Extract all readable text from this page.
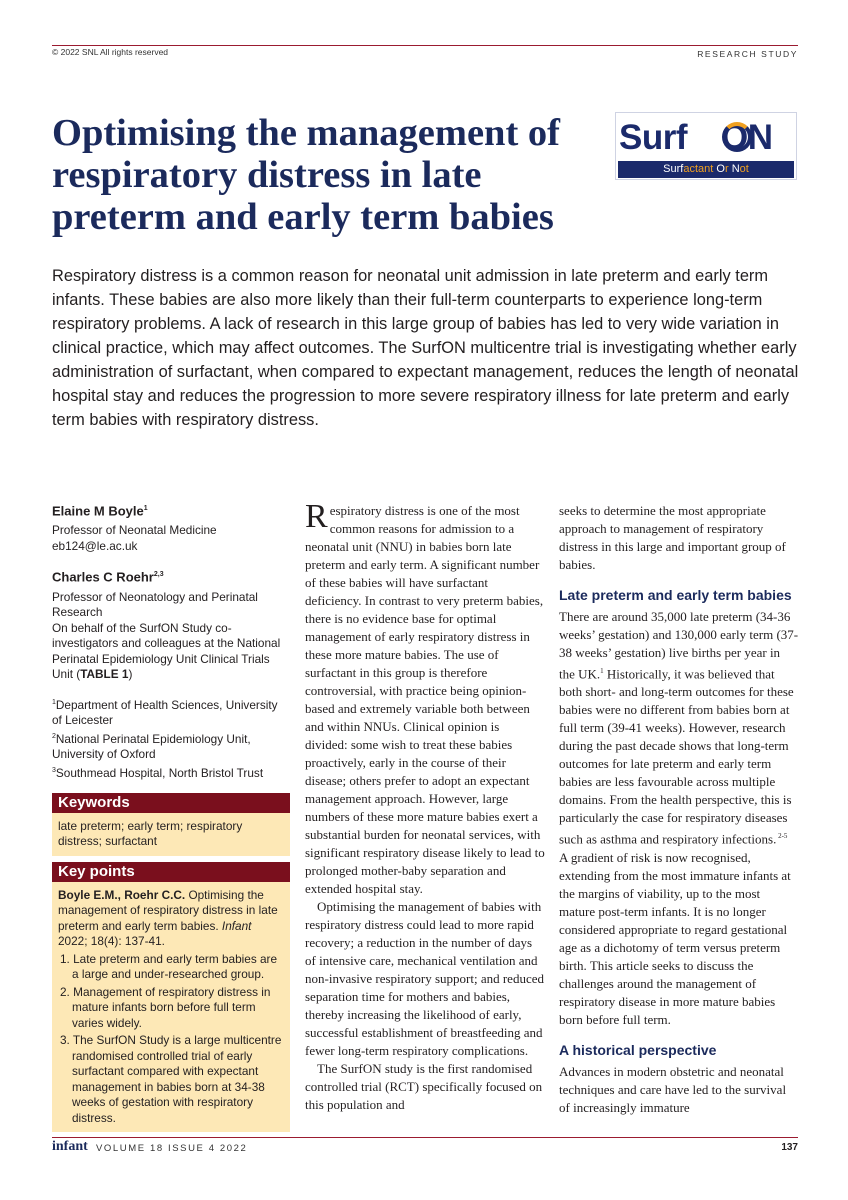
© 2022 SNL All rights reserved	RESEARCH STUDY
Optimising the management of respiratory distress in late preterm and early term babies
Surf ON
Surfactant Or Not

Respiratory distress is a common reason for neonatal unit admission in late preterm and early term infants. These babies are also more likely than their full-term counterparts to experience long-term respiratory problems. A lack of research in this large group of babies has led to very wide variation in clinical practice, which may affect outcomes. The SurfON multicentre trial is investigating whether early administration of surfactant, when compared to expectant management, reduces the length of neonatal hospital stay and reduces the progression to more severe respiratory illness for late preterm and early term babies with respiratory distress.

Elaine M Boyle$^1$
Professor of Neonatal Medicine
eb124@le.ac.uk
Charles C Roehr$^{2,3}$
Professor of Neonatology and Perinatal Research
On behalf of the SurfON Study co-investigators and colleagues at the National Perinatal Epidemiology Unit Clinical Trials Unit (TABLE 1)
$^1$Department of Health Sciences, University of Leicester
$^2$National Perinatal Epidemiology Unit, University of Oxford
$^3$Southmead Hospital, North Bristol Trust
Keywords
late preterm; early term; respiratory distress; surfactant
Key points
Boyle E.M., Roehr C.C. Optimising the management of respiratory distress in late preterm and early term babies. Infant 2022; 18(4): 137-41.
1. Late preterm and early term babies are a large and under-researched group.
2. Management of respiratory distress in mature infants born before full term varies widely.
3. The SurfON Study is a large multicentre randomised controlled trial of early surfactant compared with expectant management in babies born at 34-38 weeks of gestation with respiratory distress.

Respiratory distress is one of the most common reasons for admission to a neonatal unit (NNU) in babies born late preterm and early term. A significant number of these babies will have surfactant deficiency. In contrast to very preterm babies, there is no evidence base for optimal management of early respiratory distress in these more mature babies. The use of surfactant in this group is therefore controversial, with practice being opinion-based and extremely variable both between and within NNUs. Clinical opinion is divided: some wish to treat these babies proactively, early in the course of their disease; others prefer to adopt an expectant management approach. However, large numbers of these more mature babies exert a substantial burden for neonatal services, with significant respiratory disease likely to lead to prolonged mother-baby separation and extended hospital stay.

Optimising the management of babies with respiratory distress could lead to more rapid recovery; a reduction in the number of days of intensive care, mechanical ventilation and non-invasive respiratory support; and reduced separation time for mothers and babies, thereby increasing the likelihood of early, successful establishment of breastfeeding and fewer long-term respiratory complications.

The SurfON study is the first randomised controlled trial (RCT) specifically focused on this population and

seeks to determine the most appropriate approach to management of respiratory distress in this large and important group of babies.

Late preterm and early term babies

There are around 35,000 late preterm (34-36 weeks’ gestation) and 130,000 early term (37-38 weeks’ gestation) live births per year in the UK.$^1$ Historically, it was believed that both short- and long-term outcomes for these babies were no different from babies born at full term (39-41 weeks). However, research during the past decade shows that long-term outcomes for late preterm and early term babies are less favourable across multiple domains. From the health perspective, this is particularly the case for respiratory diseases such as asthma and respiratory infections. $^{2-5}$

A gradient of risk is now recognised, extending from the most immature infants at the margins of viability, up to the most mature post-term infants. It is no longer considered appropriate to regard gestational age as a dichotomy of term versus preterm birth. This article seeks to discuss the challenges around the management of respiratory disease in more mature babies born before full term.

A historical perspective

Advances in modern obstetric and neonatal techniques and care have led to the survival of increasingly immature

infant VOLUME 18 ISSUE 4 2022	137
